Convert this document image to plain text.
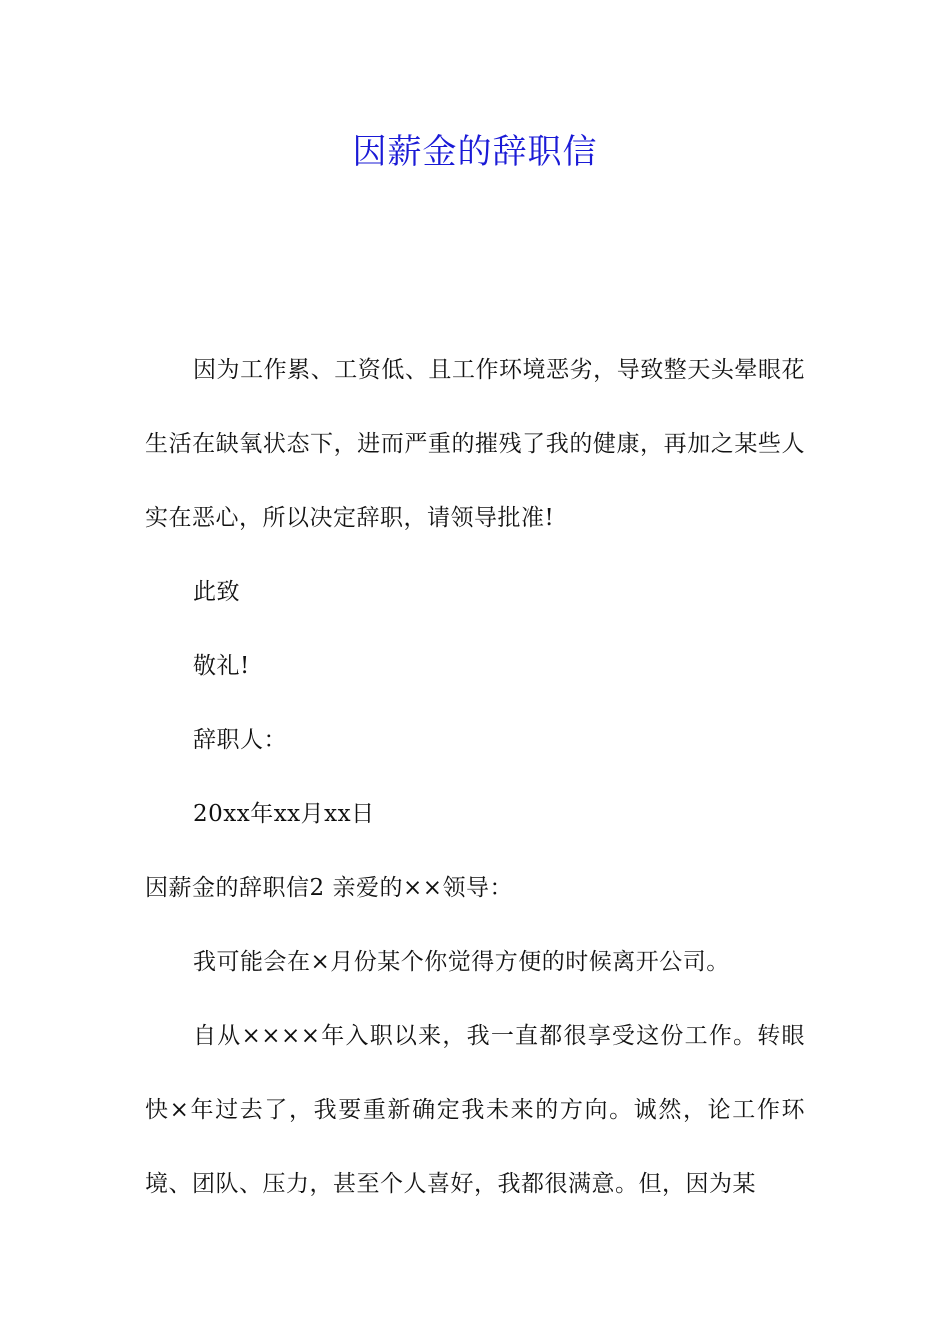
因薪金的辞职信

因为工作累、工资低、且工作环境恶劣，导致整天头晕眼花生活在缺氧状态下，进而严重的摧残了我的健康，再加之某些人实在恶心，所以决定辞职，请领导批准!

此致

敬礼!

辞职人：

20xx年xx月xx日

因薪金的辞职信2 亲爱的××领导：

我可能会在×月份某个你觉得方便的时候离开公司。

自从××××年入职以来，我一直都很享受这份工作。转眼快×年过去了，我要重新确定我未来的方向。诚然，论工作环境、团队、压力，甚至个人喜好，我都很满意。但，因为某
